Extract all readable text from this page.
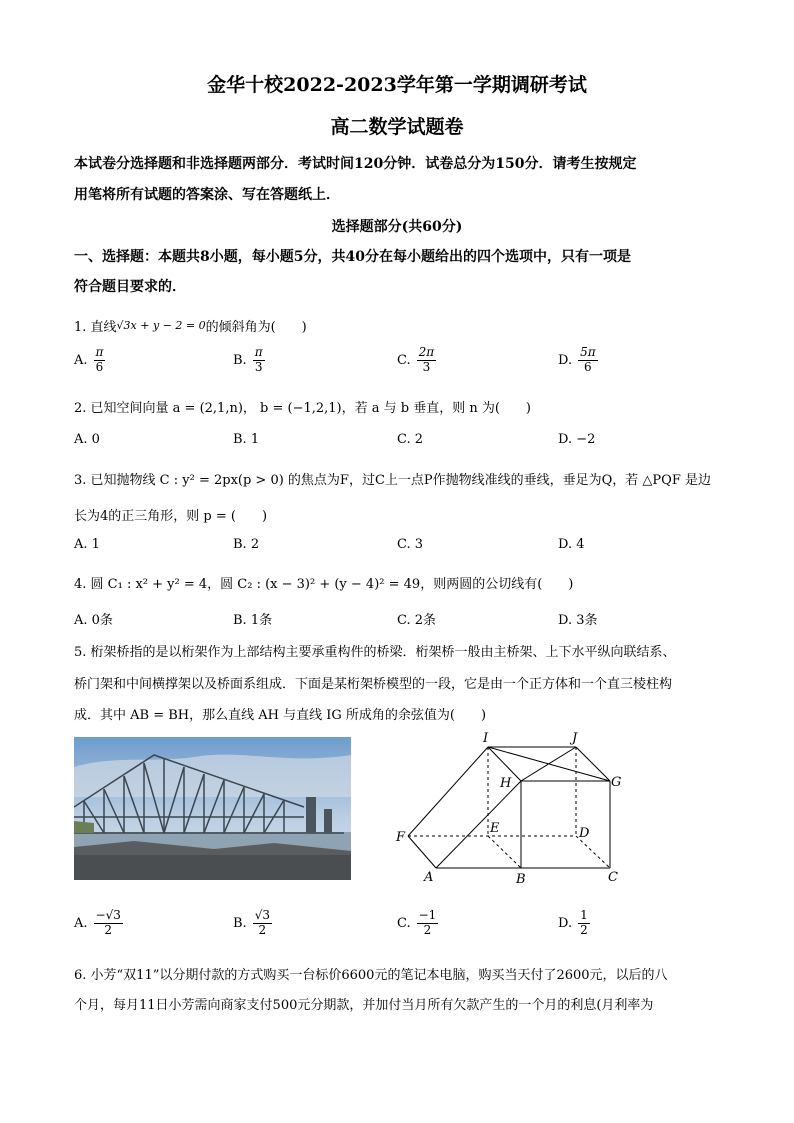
金华十校2022-2023学年第一学期调研考试
高二数学试题卷
本试卷分选择题和非选择题两部分．考试时间120分钟．试卷总分为150分．请考生按规定
用笔将所有试题的答案涂、写在答题纸上．
选择题部分(共60分)
一、选择题：本题共8小题，每小题5分，共40分在每小题给出的四个选项中，只有一项是
符合题目要求的．
1. 直线√3x + y − 2 = 0的倾斜角为(　　)
A. $\frac{\pi}{6}$	B. $\frac{\pi}{3}$	C. $\frac{2\pi}{3}$	D. $\frac{5\pi}{6}$
2. 已知空间向量 a = (2,1,n)， b = (−1,2,1)，若 a 与 b 垂直，则 n 为(　　)
A. 0	B. 1	C. 2	D. −2
3. 已知抛物线 C : y² = 2px(p > 0) 的焦点为F，过C上一点P作抛物线准线的垂线，垂足为Q，若 △PQF 是边
长为4的正三角形，则 p = (　　)
A. 1	B. 2	C. 3	D. 4
4. 圆 C₁ : x² + y² = 4，圆 C₂ : (x − 3)² + (y − 4)² = 49，则两圆的公切线有(　　)
A. 0条	B. 1条	C. 2条	D. 3条
5. 桁架桥指的是以桁架作为上部结构主要承重构件的桥梁．桁架桥一般由主桥架、上下水平纵向联结系、
桥门架和中间横撑架以及桥面系组成．下面是某桁架桥模型的一段，它是由一个正方体和一个直三棱柱构
成．其中 AB = BH，那么直线 AH 与直线 IG 所成角的余弦值为(　　)
I	J
H	G
E	D
F
A	B	C
A. $\frac{-√3}{2}$	B. $\frac{√3}{2}$	C. $\frac{-1}{2}$	D. $\frac{1}{2}$
6. 小芳“双11”以分期付款的方式购买一台标价6600元的笔记本电脑，购买当天付了2600元，以后的八
个月，每月11日小芳需向商家支付500元分期款，并加付当月所有欠款产生的一个月的利息(月利率为
